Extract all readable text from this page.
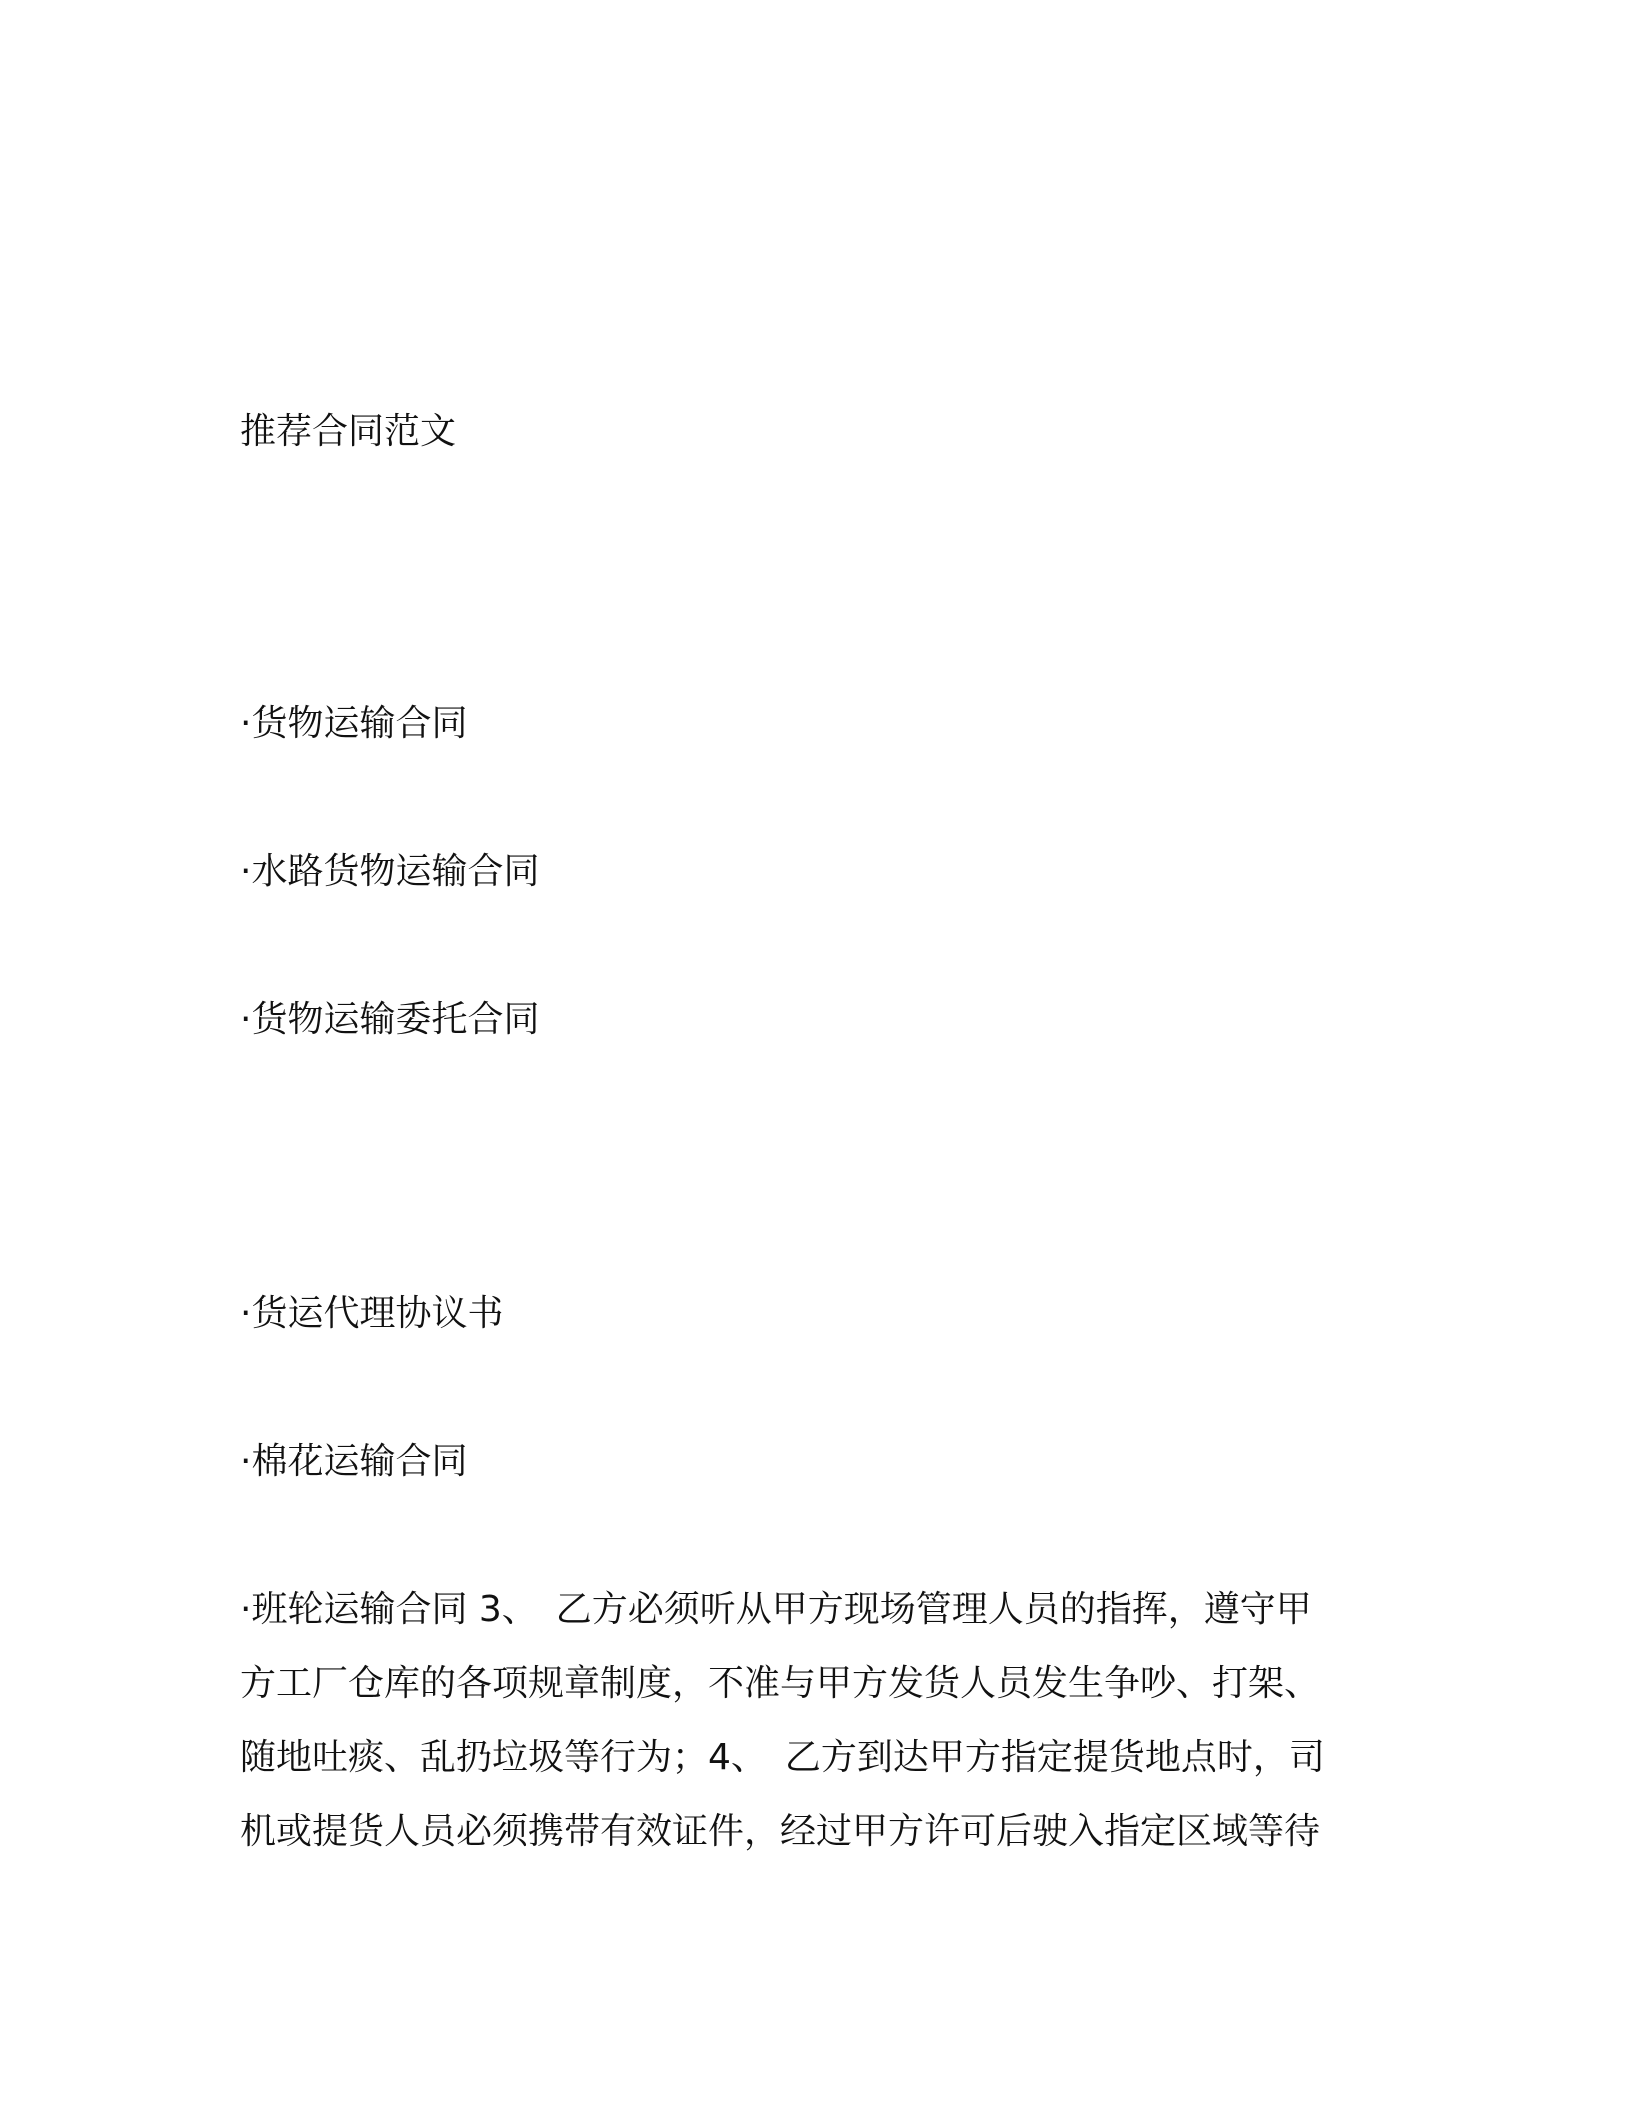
推荐合同范文
·货物运输合同
·水路货物运输合同
·货物运输委托合同
·货运代理协议书
·棉花运输合同
·班轮运输合同 3、　乙方必须听从甲方现场管理人员的指挥，遵守甲
方工厂仓库的各项规章制度，不准与甲方发货人员发生争吵、打架、
随地吐痰、乱扔垃圾等行为；4、　乙方到达甲方指定提货地点时，司
机或提货人员必须携带有效证件，经过甲方许可后驶入指定区域等待
